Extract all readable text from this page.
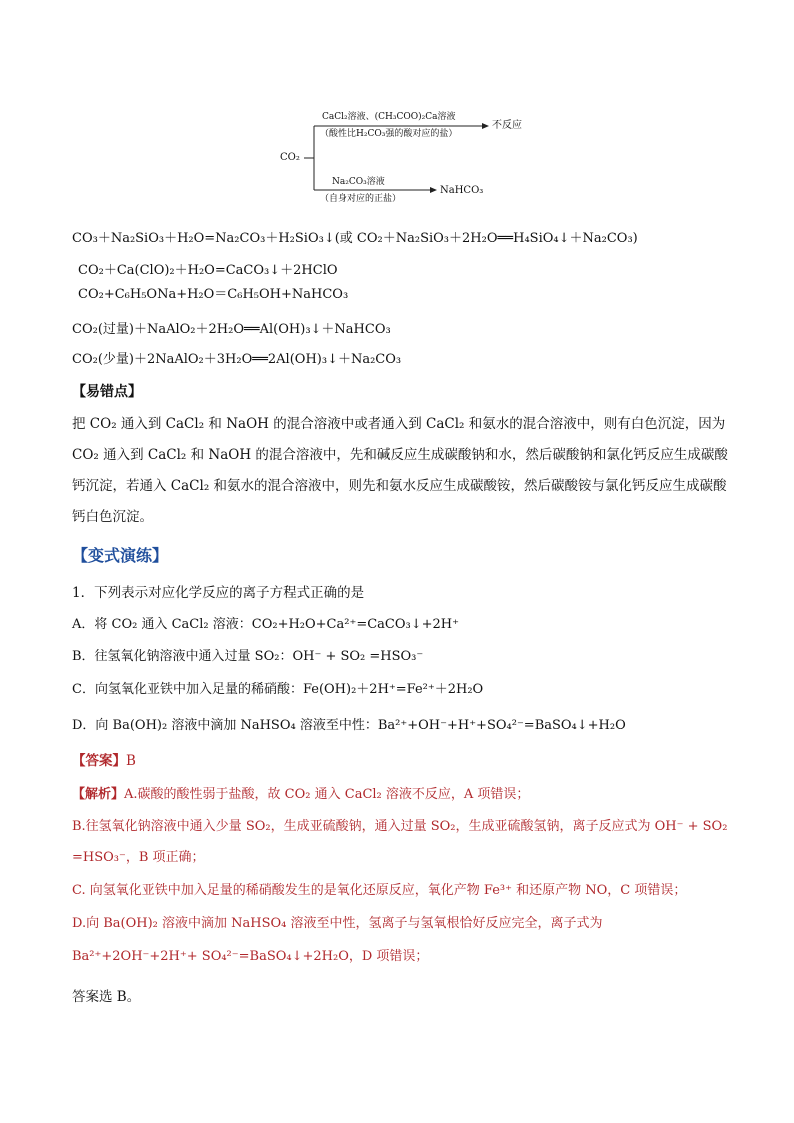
CO₂
CaCl₂溶液、(CH₃COO)₂Ca溶液
（酸性比H₂CO₃强的酸对应的盐）
不反应
Na₂CO₃溶液
（自身对应的正盐）
NaHCO₃
CO₃＋Na₂SiO₃＋H₂O=Na₂CO₃＋H₂SiO₃↓(或 CO₂＋Na₂SiO₃＋2H₂O══H₄SiO₄↓＋Na₂CO₃)
CO₂＋Ca(ClO)₂＋H₂O=CaCO₃↓＋2HClO
CO₂+C₆H₅ONa+H₂O＝C₆H₅OH+NaHCO₃
CO₂(过量)＋NaAlO₂＋2H₂O══Al(OH)₃↓＋NaHCO₃
CO₂(少量)＋2NaAlO₂＋3H₂O══2Al(OH)₃↓＋Na₂CO₃
【易错点】
把 CO₂ 通入到 CaCl₂ 和 NaOH 的混合溶液中或者通入到 CaCl₂ 和氨水的混合溶液中，则有白色沉淀，因为 CO₂ 通入到 CaCl₂ 和 NaOH 的混合溶液中，先和碱反应生成碳酸钠和水，然后碳酸钠和氯化钙反应生成碳酸钙沉淀，若通入 CaCl₂ 和氨水的混合溶液中，则先和氨水反应生成碳酸铵，然后碳酸铵与氯化钙反应生成碳酸钙白色沉淀。
【变式演练】
1．下列表示对应化学反应的离子方程式正确的是
A．将 CO₂ 通入 CaCl₂ 溶液：CO₂+H₂O+Ca²⁺=CaCO₃↓+2H⁺
B．往氢氧化钠溶液中通入过量 SO₂：OH⁻ + SO₂ =HSO₃⁻
C．向氢氧化亚铁中加入足量的稀硝酸：Fe(OH)₂＋2H⁺=Fe²⁺＋2H₂O
D．向 Ba(OH)₂ 溶液中滴加 NaHSO₄ 溶液至中性：Ba²⁺+OH⁻+H⁺+SO₄²⁻=BaSO₄↓+H₂O
【答案】B
【解析】A.碳酸的酸性弱于盐酸，故 CO₂ 通入 CaCl₂ 溶液不反应，A 项错误；
B.往氢氧化钠溶液中通入少量 SO₂，生成亚硫酸钠，通入过量 SO₂，生成亚硫酸氢钠，离子反应式为 OH⁻ + SO₂ =HSO₃⁻，B 项正确；
C. 向氢氧化亚铁中加入足量的稀硝酸发生的是氧化还原反应，氧化产物 Fe³⁺ 和还原产物 NO，C 项错误；
D.向 Ba(OH)₂ 溶液中滴加 NaHSO₄ 溶液至中性，氢离子与氢氧根恰好反应完全，离子式为 Ba²⁺+2OH⁻+2H⁺+ SO₄²⁻=BaSO₄↓+2H₂O，D 项错误；
答案选 B。
